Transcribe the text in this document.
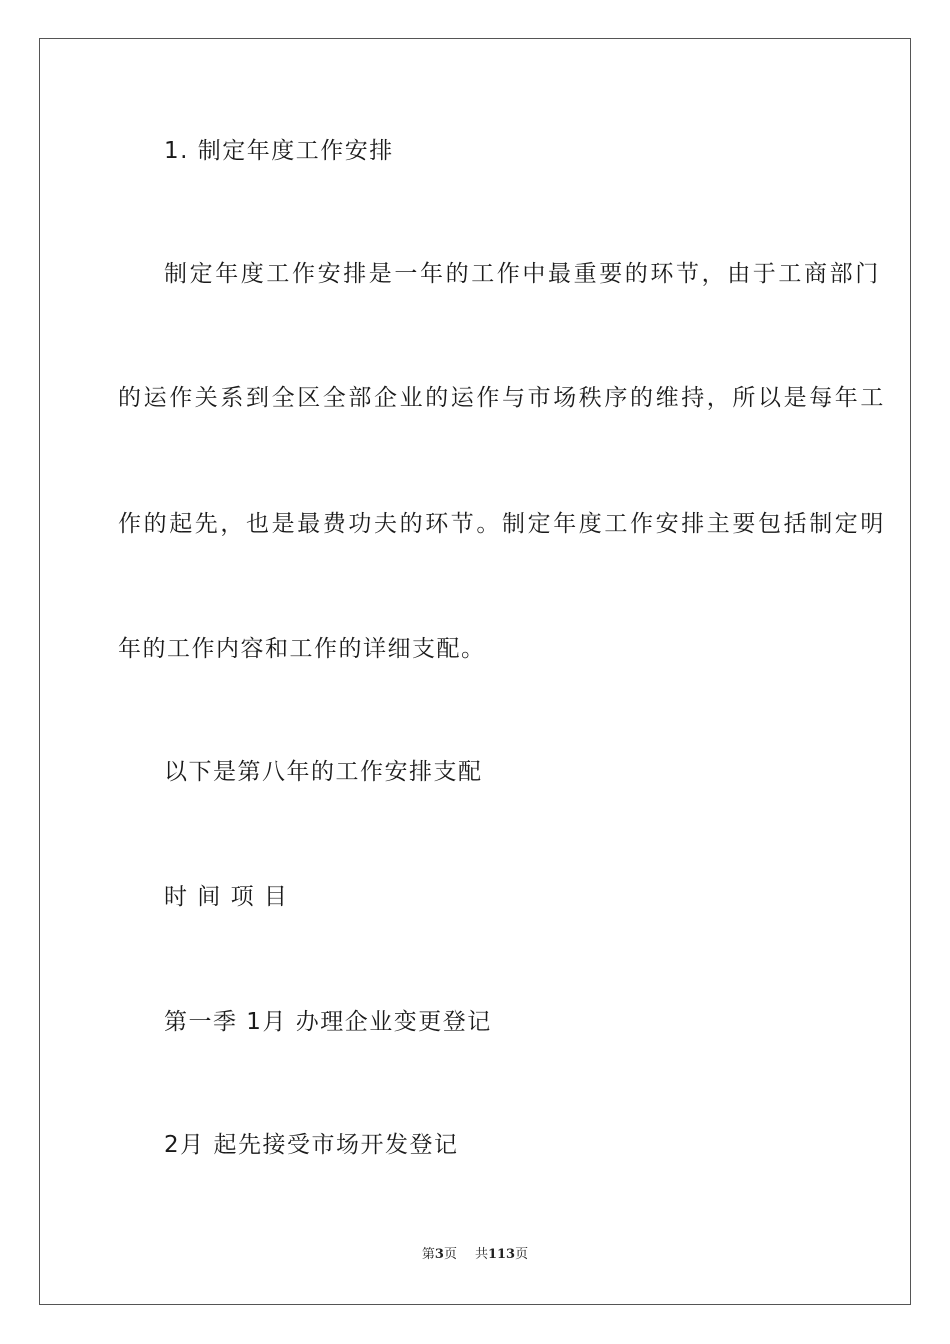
1. 制定年度工作安排
制定年度工作安排是一年的工作中最重要的环节，由于工商部门
的运作关系到全区全部企业的运作与市场秩序的维持，所以是每年工
作的起先，也是最费功夫的环节。制定年度工作安排主要包括制定明
年的工作内容和工作的详细支配。
以下是第八年的工作安排支配
时 间 项 目
第一季 1月 办理企业变更登记
2月 起先接受市场开发登记
第3页 共113页
